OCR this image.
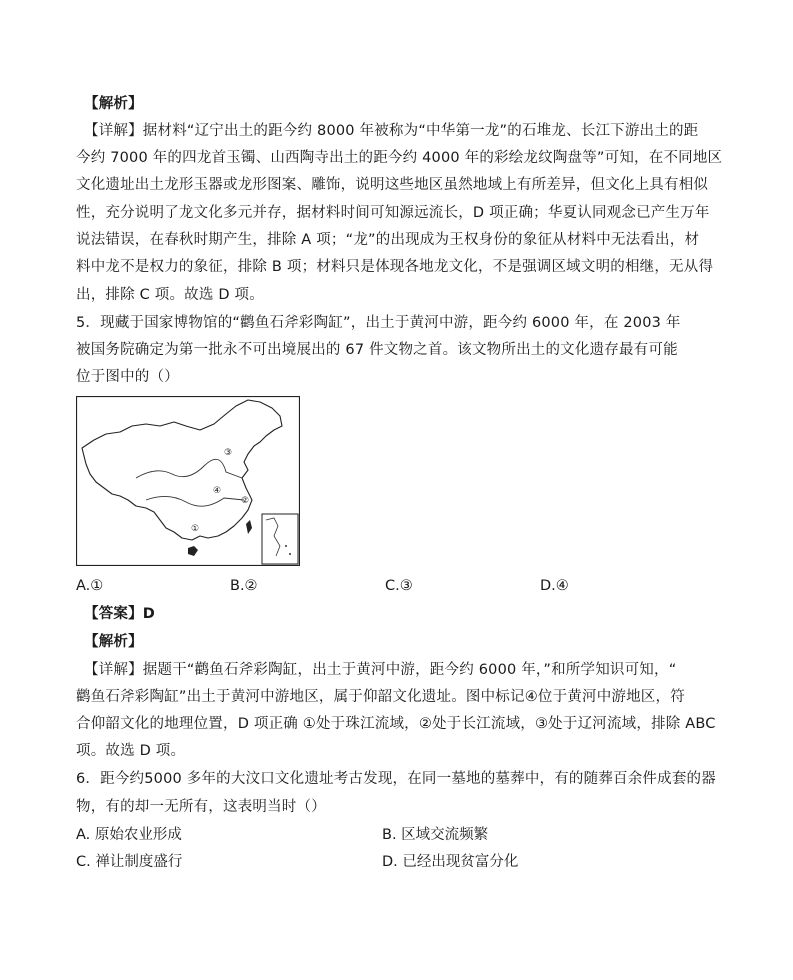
【解析】
【详解】据材料“辽宁出土的距今约 8000 年被称为“中华第一龙”的石堆龙、长江下游出土的距
今约 7000 年的四龙首玉镯、山西陶寺出土的距今约 4000 年的彩绘龙纹陶盘等”可知，在不同地区
文化遗址出土龙形玉器或龙形图案、雕饰，说明这些地区虽然地域上有所差异，但文化上具有相似
性，充分说明了龙文化多元并存，据材料时间可知源远流长，D 项正确；华夏认同观念已产生万年
说法错误，在春秋时期产生，排除 A 项；“龙”的出现成为王权身份的象征从材料中无法看出，材
料中龙不是权力的象征，排除 B 项；材料只是体现各地龙文化，不是强调区域文明的相继，无从得
出，排除 C 项。故选 D 项。
5．现藏于国家博物馆的“鹳鱼石斧彩陶缸”，出土于黄河中游，距今约 6000 年，在 2003 年
被国务院确定为第一批永不可出境展出的 67 件文物之首。该文物所出土的文化遗存最有可能
位于图中的（）
③
④
②
①
A.①	B.②	C.③	D.④
【答案】D
【解析】
【详解】据题干“鹳鱼石斧彩陶缸，出土于黄河中游，距今约 6000 年，”和所学知识可知，“
鹳鱼石斧彩陶缸”出土于黄河中游地区，属于仰韶文化遗址。图中标记④位于黄河中游地区，符
合仰韶文化的地理位置，D 项正确 ①处于珠江流域，②处于长江流域，③处于辽河流域，排除 ABC
项。故选 D 项。
6．距今约5000 多年的大汶口文化遗址考古发现，在同一墓地的墓葬中，有的随葬百余件成套的器
物，有的却一无所有，这表明当时（）
A. 原始农业形成	B. 区域交流频繁
C. 禅让制度盛行	D. 已经出现贫富分化
